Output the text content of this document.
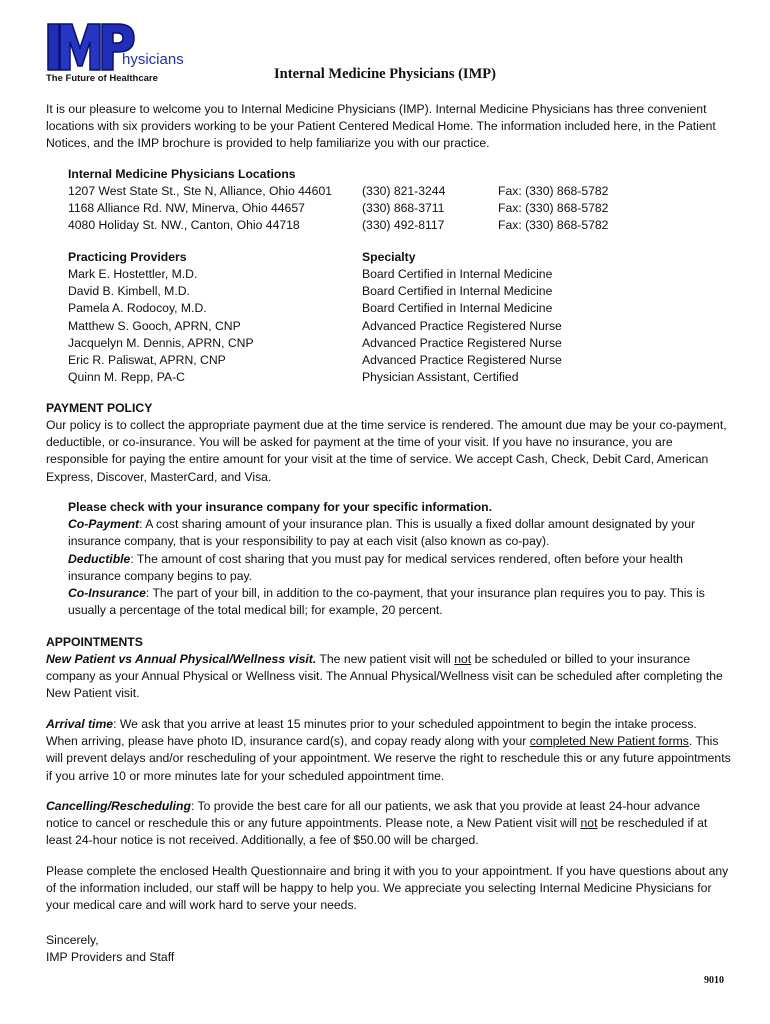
hysicians
The Future of Healthcare	Internal Medicine Physicians (IMP)
It is our pleasure to welcome you to Internal Medicine Physicians (IMP). Internal Medicine Physicians has three convenient locations with six providers working to be your Patient Centered Medical Home. The information included here, in the Patient Notices, and the IMP brochure is provided to help familiarize you with our practice.
Internal Medicine Physicians Locations
1207 West State St., Ste N, Alliance, Ohio 44601
1168 Alliance Rd. NW, Minerva, Ohio 44657
4080 Holiday St. NW., Canton, Ohio 44718
(330) 821-3244
(330) 868-3711
(330) 492-8117
Fax: (330) 868-5782
Fax: (330) 868-5782
Fax: (330) 868-5782
Practicing Providers	Specialty
Mark E. Hostettler, M.D.
David B. Kimbell, M.D.
Pamela A. Rodocoy, M.D.
Matthew S. Gooch, APRN, CNP
Jacquelyn M. Dennis, APRN, CNP
Eric R. Paliswat, APRN, CNP
Quinn M. Repp, PA-C
Board Certified in Internal Medicine
Board Certified in Internal Medicine
Board Certified in Internal Medicine
Advanced Practice Registered Nurse
Advanced Practice Registered Nurse
Advanced Practice Registered Nurse
Physician Assistant, Certified
PAYMENT POLICY
Our policy is to collect the appropriate payment due at the time service is rendered. The amount due may be your co-payment, deductible, or co-insurance. You will be asked for payment at the time of your visit. If you have no insurance, you are responsible for paying the entire amount for your visit at the time of service. We accept Cash, Check, Debit Card, American Express, Discover, MasterCard, and Visa.
Please check with your insurance company for your specific information.
Co-Payment: A cost sharing amount of your insurance plan. This is usually a fixed dollar amount designated by your insurance company, that is your responsibility to pay at each visit (also known as co-pay).
Deductible: The amount of cost sharing that you must pay for medical services rendered, often before your health insurance company begins to pay.
Co-Insurance: The part of your bill, in addition to the co-payment, that your insurance plan requires you to pay. This is usually a percentage of the total medical bill; for example, 20 percent.
APPOINTMENTS
New Patient vs Annual Physical/Wellness visit. The new patient visit will not be scheduled or billed to your insurance company as your Annual Physical or Wellness visit. The Annual Physical/Wellness visit can be scheduled after completing the New Patient visit.
Arrival time: We ask that you arrive at least 15 minutes prior to your scheduled appointment to begin the intake process. When arriving, please have photo ID, insurance card(s), and copay ready along with your completed New Patient forms. This will prevent delays and/or rescheduling of your appointment. We reserve the right to reschedule this or any future appointments if you arrive 10 or more minutes late for your scheduled appointment time.
Cancelling/Rescheduling: To provide the best care for all our patients, we ask that you provide at least 24-hour advance notice to cancel or reschedule this or any future appointments. Please note, a New Patient visit will not be rescheduled if at least 24-hour notice is not received. Additionally, a fee of $50.00 will be charged.
Please complete the enclosed Health Questionnaire and bring it with you to your appointment. If you have questions about any of the information included, our staff will be happy to help you. We appreciate you selecting Internal Medicine Physicians for your medical care and will work hard to serve your needs.
Sincerely,
IMP Providers and Staff
9010
